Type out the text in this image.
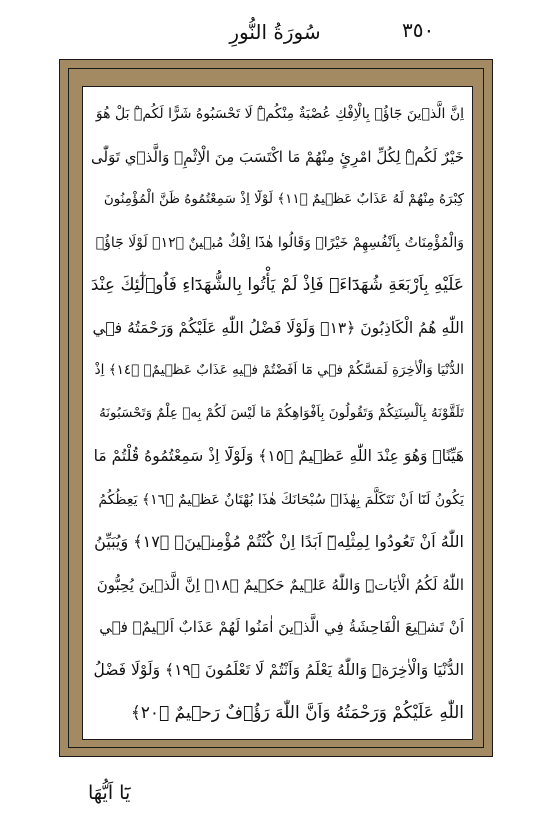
٣٥٠
سُورَةُ النُّورِ
اِنَّ الَّذ۪ينَ جَٓاؤُ۫ بِالْاِفْكِ عُصْبَةٌ مِنْكُمْۜ لَا تَحْسَبُوهُ شَرًّا لَكُمْۜ بَلْ هُوَ
خَيْرٌ لَكُمْۜ لِكُلِّ امْرِئٍ مِنْهُمْ مَا اكْتَسَبَ مِنَ الْاِثْمِۚ وَالَّذ۪ي تَوَلّٰى
كِبْرَهُ مِنْهُمْ لَهُ عَذَابٌ عَظ۪يمٌ ﴿١١﴾ لَوْلَٓا اِذْ سَمِعْتُمُوهُ ظَنَّ الْمُؤْمِنُونَ
وَالْمُؤْمِنَاتُ بِاَنْفُسِهِمْ خَيْرًاۙ وَقَالُوا هٰذَٓا اِفْكٌ مُب۪ينٌ ﴿١٢﴾ لَوْلَا جَٓاؤُ۫
عَلَيْهِ بِاَرْبَعَةِ شُهَدَٓاءَۚ فَاِذْ لَمْ يَأْتُوا بِالشُّهَدَٓاءِ فَاُو۬لٰٓئِكَ عِنْدَ
اللّٰهِ هُمُ الْكَاذِبُونَ ﴿١٣﴾ وَلَوْلَا فَضْلُ اللّٰهِ عَلَيْكُمْ وَرَحْمَتُهُ ف۪ي
الدُّنْيَا وَالْاٰخِرَةِ لَمَسَّكُمْ ف۪ي مَٓا اَفَضْتُمْ ف۪يهِ عَذَابٌ عَظ۪يمٌۚ ﴿١٤﴾ اِذْ
تَلَقَّوْنَهُ بِاَلْسِنَتِكُمْ وَتَقُولُونَ بِاَفْوَاهِكُمْ مَا لَيْسَ لَكُمْ بِه۪ عِلْمٌ وَتَحْسَبُونَهُ
هَيِّنًاۗ وَهُوَ عِنْدَ اللّٰهِ عَظ۪يمٌ ﴿١٥﴾ وَلَوْلَٓا اِذْ سَمِعْتُمُوهُ قُلْتُمْ مَا
يَكُونُ لَنَٓا اَنْ نَتَكَلَّمَ بِهٰذَاۗ سُبْحَانَكَ هٰذَا بُهْتَانٌ عَظ۪يمٌ ﴿١٦﴾ يَعِظُكُمُ
اللّٰهُ اَنْ تَعُودُوا لِمِثْلِه۪ٓ اَبَدًا اِنْ كُنْتُمْ مُؤْمِن۪ينَۚ ﴿١٧﴾ وَيُبَيِّنُ
اللّٰهُ لَكُمُ الْاٰيَاتِۜ وَاللّٰهُ عَل۪يمٌ حَك۪يمٌ ﴿١٨﴾ اِنَّ الَّذ۪ينَ يُحِبُّونَ
اَنْ تَش۪يعَ الْفَاحِشَةُ فِي الَّذ۪ينَ اٰمَنُوا لَهُمْ عَذَابٌ اَل۪يمٌۙ ف۪ي
الدُّنْيَا وَالْاٰخِرَةِۜ وَاللّٰهُ يَعْلَمُ وَاَنْتُمْ لَا تَعْلَمُونَ ﴿١٩﴾ وَلَوْلَا فَضْلُ
اللّٰهِ عَلَيْكُمْ وَرَحْمَتُهُ وَاَنَّ اللّٰهَ رَؤُ۫فٌ رَح۪يمٌ ﴿٢٠﴾
يَٓا اَيُّهَا
